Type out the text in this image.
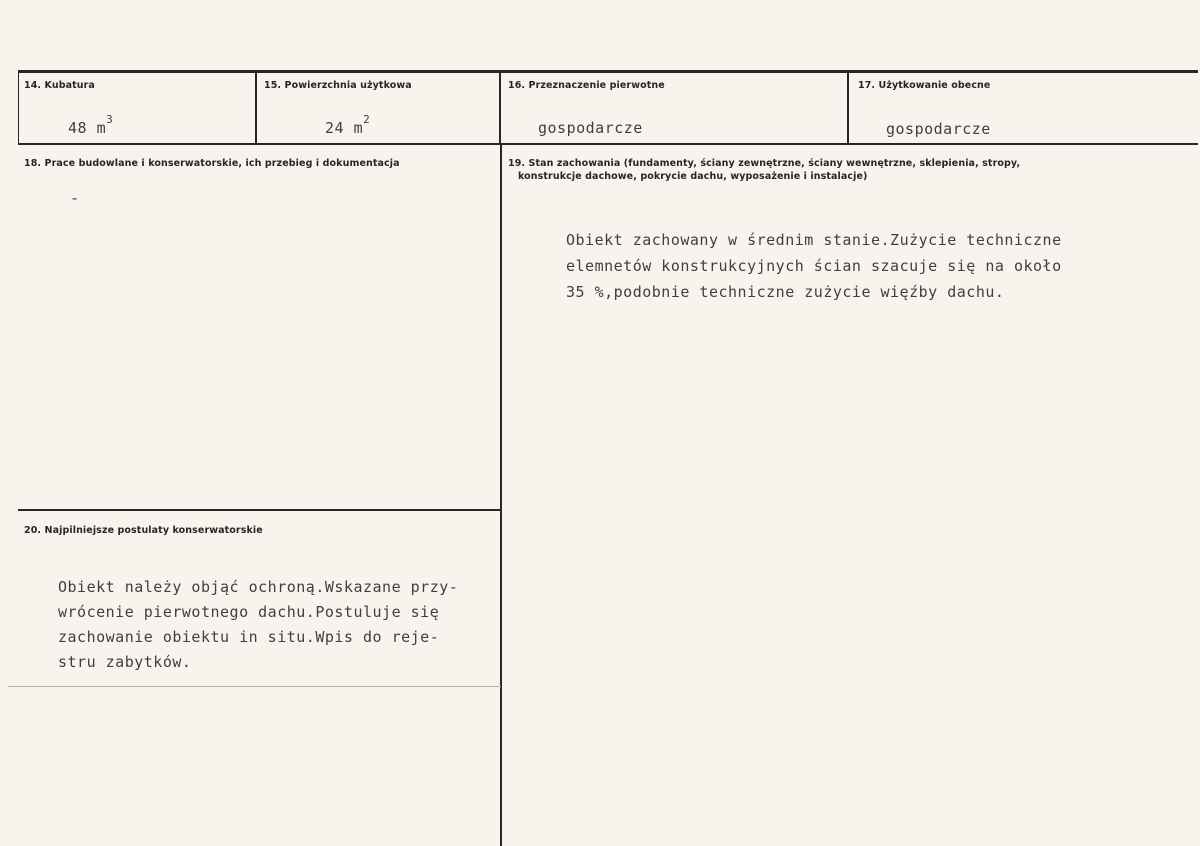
14. Kubatura
48 $m^3$
15. Powierzchnia użytkowa
24 $m^2$
16. Przeznaczenie pierwotne
gospodarcze
17. Użytkowanie obecne
gospodarcze
18. Prace budowlane i konserwatorskie, ich przebieg i dokumentacja
-
19. Stan zachowania (fundamenty, ściany zewnętrzne, ściany wewnętrzne, sklepienia, stropy,
konstrukcje dachowe, pokrycie dachu, wyposażenie i instalacje)
Obiekt zachowany w średnim stanie.Zużycie techniczne
elemnetów konstrukcyjnych ścian szacuje się na około
35 %,podobnie techniczne zużycie więźby dachu.
20. Najpilniejsze postulaty konserwatorskie
Obiekt należy objąć ochroną.Wskazane przy-
wrócenie pierwotnego dachu.Postuluje się
zachowanie obiektu in situ.Wpis do reje-
stru zabytków.
